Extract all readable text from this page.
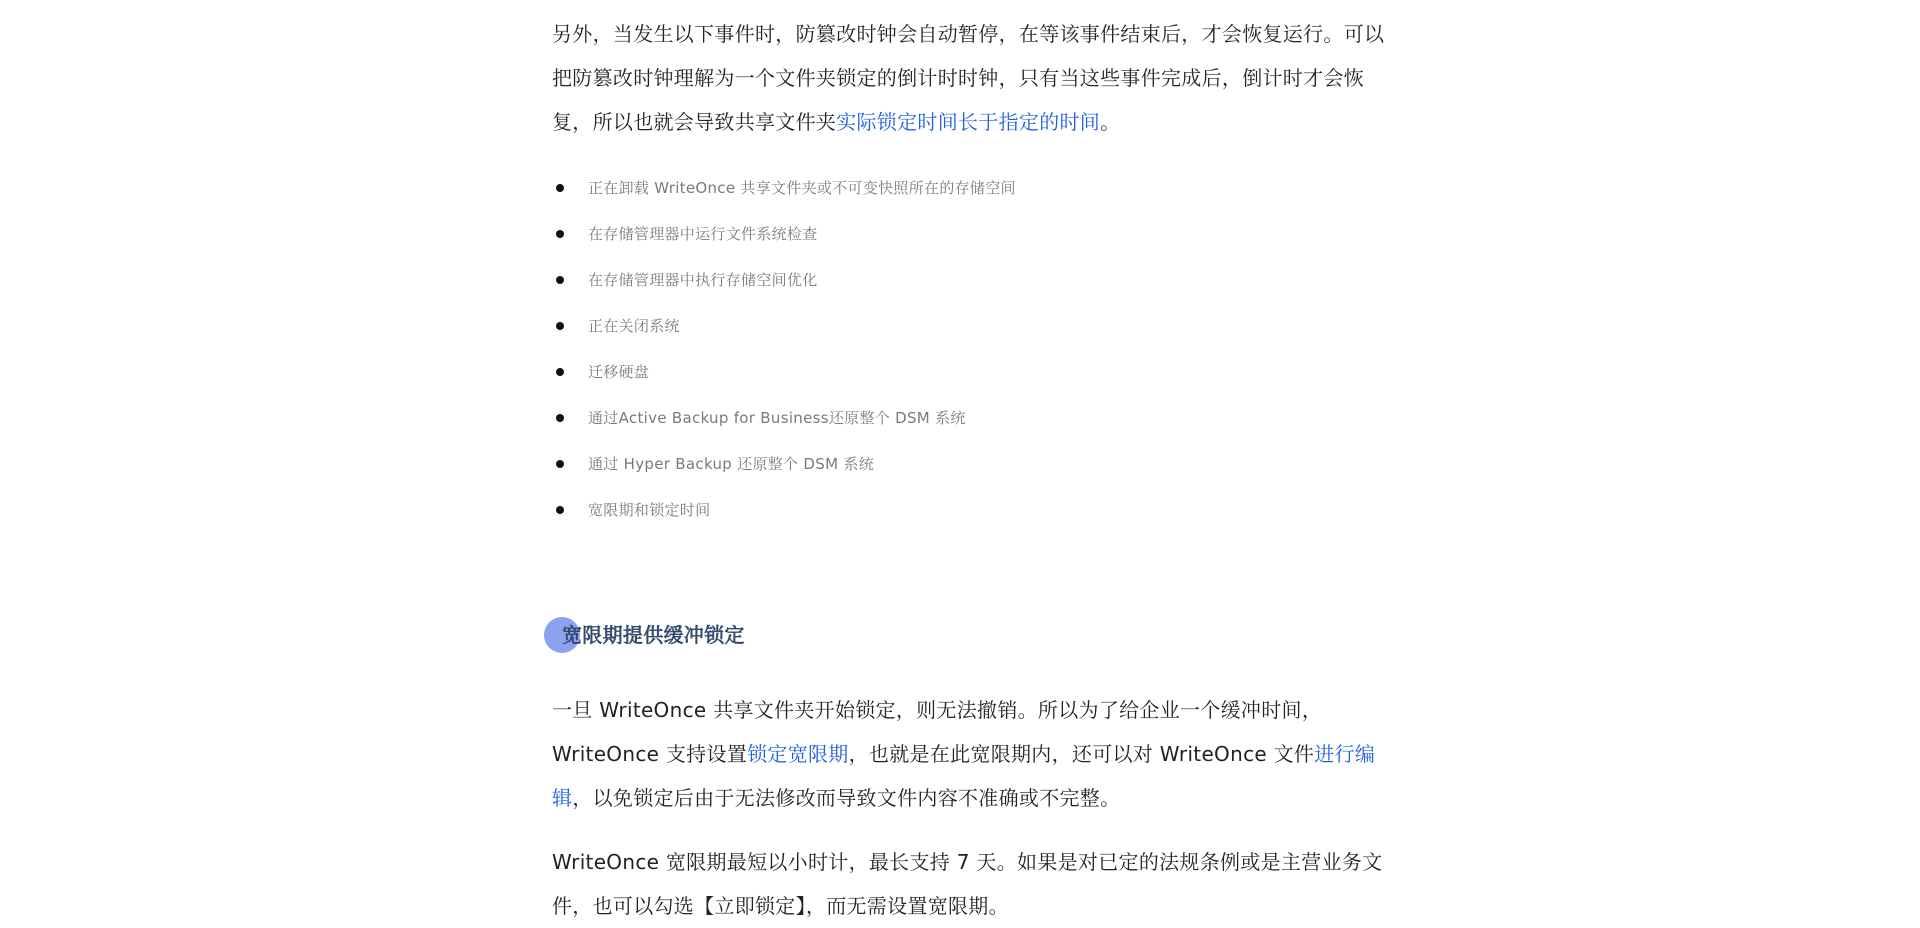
另外，当发生以下事件时，防篡改时钟会自动暂停，在等该事件结束后，才会恢复运行。可以把防篡改时钟理解为一个文件夹锁定的倒计时时钟，只有当这些事件完成后，倒计时才会恢复，所以也就会导致共享文件夹实际锁定时间长于指定的时间。

正在卸载 WriteOnce 共享文件夹或不可变快照所在的存储空间
在存储管理器中运行文件系统检查
在存储管理器中执行存储空间优化
正在关闭系统
迁移硬盘
通过Active Backup for Business还原整个 DSM 系统
通过 Hyper Backup 还原整个 DSM 系统
宽限期和锁定时间
宽限期提供缓冲锁定

一旦 WriteOnce 共享文件夹开始锁定，则无法撤销。所以为了给企业一个缓冲时间，WriteOnce 支持设置锁定宽限期，也就是在此宽限期内，还可以对 WriteOnce 文件进行编辑，以免锁定后由于无法修改而导致文件内容不准确或不完整。

WriteOnce 宽限期最短以小时计，最长支持 7 天。如果是对已定的法规条例或是主营业务文件，也可以勾选【立即锁定】，而无需设置宽限期。
